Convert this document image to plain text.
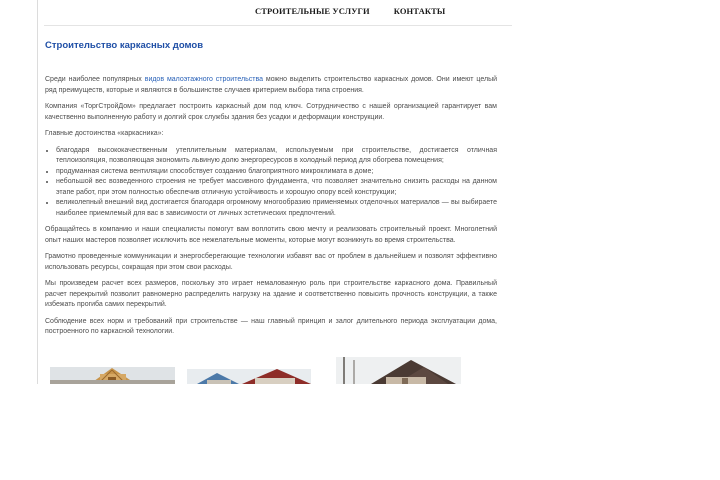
СТРОИТЕЛЬНЫЕ УСЛУГИ	КОНТАКТЫ
Строительство каркасных домов

Среди наиболее популярных видов малоэтажного строительства можно выделить строительство каркасных домов. Они имеют целый ряд преимуществ, которые и являются в большинстве случаев критерием выбора типа строения.

Компания «ТоргСтройДом» предлагает построить каркасный дом под ключ. Сотрудничество с нашей организацией гарантирует вам качественно выполненную работу и долгий срок службы здания без усадки и деформации конструкции.

Главные достоинства «каркасника»:

• благодаря высококачественным утеплительным материалам, используемым при строительстве, достигается отличная теплоизоляция, позволяющая экономить львиную долю энергоресурсов в холодный период для обогрева помещения;
• продуманная система вентиляции способствует созданию благоприятного микроклимата в доме;
• небольшой вес возведенного строения не требует массивного фундамента, что позволяет значительно снизить расходы на данном этапе работ, при этом полностью обеспечив отличную устойчивость и хорошую опору всей конструкции;
• великолепный внешний вид достигается благодаря огромному многообразию применяемых отделочных материалов — вы выбираете наиболее приемлемый для вас в зависимости от личных эстетических предпочтений.

Обращайтесь в компанию и наши специалисты помогут вам воплотить свою мечту и реализовать строительный проект. Многолетний опыт наших мастеров позволяет исключить все нежелательные моменты, которые могут возникнуть во время строительства.

Грамотно проведенные коммуникации и энергосберегающие технологии избавят вас от проблем в дальнейшем и позволят эффективно использовать ресурсы, сокращая при этом свои расходы.

Мы произведем расчет всех размеров, поскольку это играет немаловажную роль при строительстве каркасного дома. Правильный расчет перекрытий позволит равномерно распределить нагрузку на здание и соответственно повысить прочность конструкции, а также избежать прогиба самих перекрытий.

Соблюдение всех норм и требований при строительстве — наш главный принцип и залог длительного периода эксплуатации дома, построенного по каркасной технологии.
